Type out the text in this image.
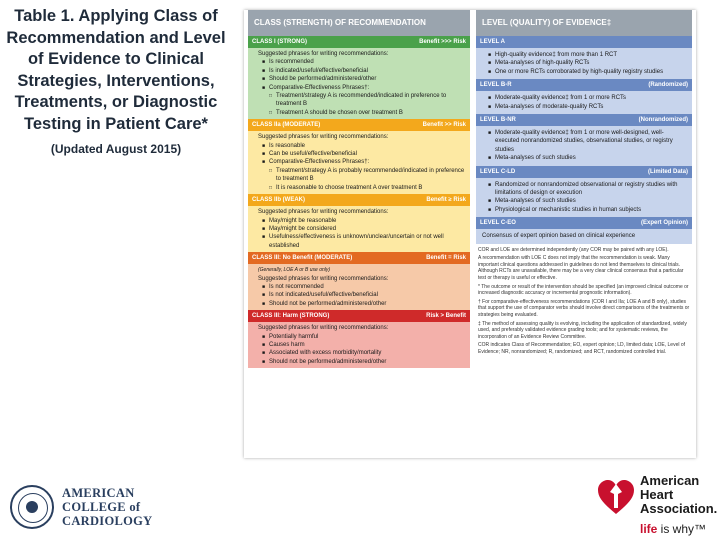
Table 1. Applying Class of Recommendation and Level of Evidence to Clinical Strategies, Interventions, Treatments, or Diagnostic Testing in Patient Care*
(Updated August 2015)
AMERICAN
COLLEGE of
CARDIOLOGY
American
Heart
Association.
life is why™
CLASS (STRENGTH) OF RECOMMENDATION
CLASS I (STRONG)	Benefit >>> Risk
Suggested phrases for writing recommendations:
■ Is recommended
■ Is indicated/useful/effective/beneficial
■ Should be performed/administered/other
■ Comparative-Effectiveness Phrases†:
□ Treatment/strategy A is recommended/indicated in preference to treatment B
□ Treatment A should be chosen over treatment B
CLASS IIa (MODERATE)	Benefit >> Risk
Suggested phrases for writing recommendations:
■ Is reasonable
■ Can be useful/effective/beneficial
■ Comparative-Effectiveness Phrases†:
□ Treatment/strategy A is probably recommended/indicated in preference to treatment B
□ It is reasonable to choose treatment A over treatment B
CLASS IIb (WEAK)	Benefit ≥ Risk
Suggested phrases for writing recommendations:
■ May/might be reasonable
■ May/might be considered
■ Usefulness/effectiveness is unknown/unclear/uncertain or not well established
CLASS III: No Benefit (MODERATE)	Benefit = Risk
(Generally, LOE A or B use only)
Suggested phrases for writing recommendations:
■ Is not recommended
■ Is not indicated/useful/effective/beneficial
■ Should not be performed/administered/other
CLASS III: Harm (STRONG)	Risk > Benefit
Suggested phrases for writing recommendations:
■ Potentially harmful
■ Causes harm
■ Associated with excess morbidity/mortality
■ Should not be performed/administered/other
LEVEL (QUALITY) OF EVIDENCE‡
LEVEL A
■ High-quality evidence‡ from more than 1 RCT
■ Meta-analyses of high-quality RCTs
■ One or more RCTs corroborated by high-quality registry studies
LEVEL B-R	(Randomized)
■ Moderate-quality evidence‡ from 1 or more RCTs
■ Meta-analyses of moderate-quality RCTs
LEVEL B-NR	(Nonrandomized)
■ Moderate-quality evidence‡ from 1 or more well-designed, well-executed nonrandomized studies, observational studies, or registry studies
■ Meta-analyses of such studies
LEVEL C-LD	(Limited Data)
■ Randomized or nonrandomized observational or registry studies with limitations of design or execution
■ Meta-analyses of such studies
■ Physiological or mechanistic studies in human subjects
LEVEL C-EO	(Expert Opinion)
Consensus of expert opinion based on clinical experience

COR and LOE are determined independently (any COR may be paired with any LOE).

A recommendation with LOE C does not imply that the recommendation is weak. Many important clinical questions addressed in guidelines do not lend themselves to clinical trials. Although RCTs are unavailable, there may be a very clear clinical consensus that a particular test or therapy is useful or effective.

* The outcome or result of the intervention should be specified (an improved clinical outcome or increased diagnostic accuracy or incremental prognostic information).

† For comparative-effectiveness recommendations (COR I and IIa; LOE A and B only), studies that support the use of comparator verbs should involve direct comparisons of the treatments or strategies being evaluated.

‡ The method of assessing quality is evolving, including the application of standardized, widely used, and preferably validated evidence grading tools; and for systematic reviews, the incorporation of an Evidence Review Committee.

COR indicates Class of Recommendation; EO, expert opinion; LD, limited data; LOE, Level of Evidence; NR, nonrandomized; R, randomized; and RCT, randomized controlled trial.
